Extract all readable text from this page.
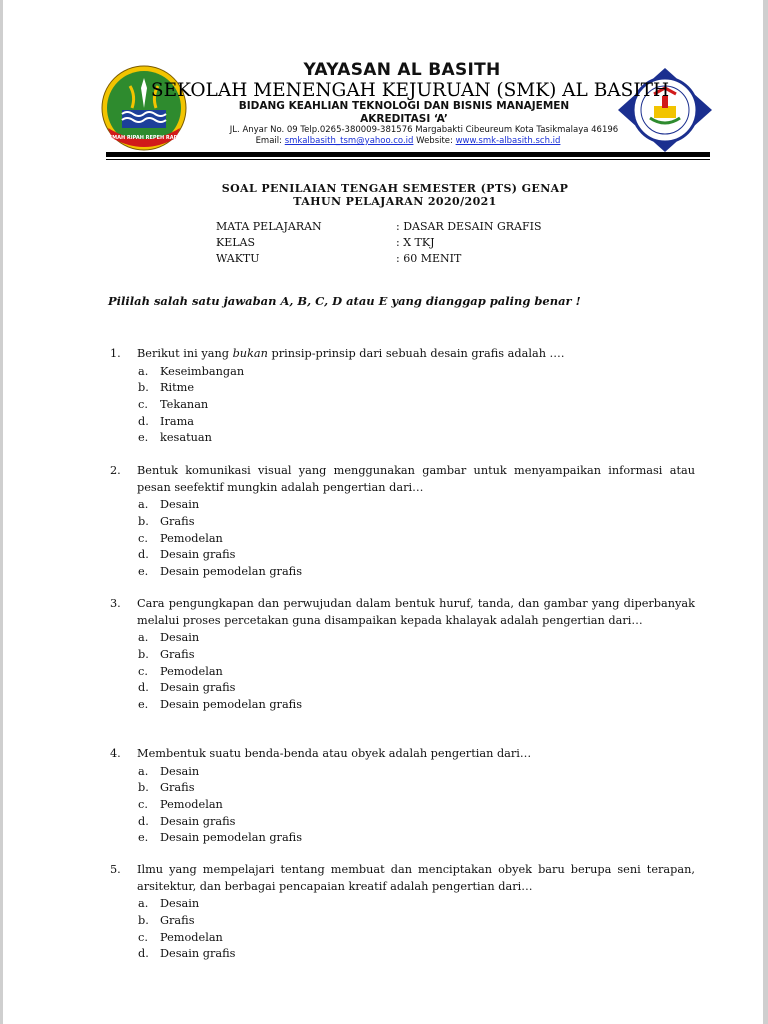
GEMAH RIPAH REPEH RAPIH
YAYASAN AL BASITH
SEKOLAH MENENGAH KEJURUAN (SMK) AL BASITH
BIDANG KEAHLIAN TEKNOLOGI DAN BISNIS MANAJEMEN
AKREDITASI ‘A’
JL. Anyar No. 09 Telp.0265-380009-381576 Margabakti Cibeureum Kota Tasikmalaya 46196
Email: smkalbasith_tsm@yahoo.co.id Website: www.smk-albasith.sch.id
SOAL PENILAIAN TENGAH SEMESTER (PTS) GENAP
TAHUN PELAJARAN 2020/2021
MATA PELAJARAN	: DASAR DESAIN GRAFIS
KELAS	: X TKJ
WAKTU	: 60 MENIT
Pililah salah satu jawaban A, B, C, D atau E yang dianggap paling benar !
1.	Berikut ini yang bukan prinsip-prinsip dari sebuah desain grafis adalah ….
a.	Keseimbangan
b. Ritme
c.	Tekanan
d. Irama
e.	kesatuan
2.	Bentuk komunikasi visual yang menggunakan gambar untuk menyampaikan informasi atau pesan seefektif mungkin adalah pengertian dari…
a.	Desain
b. Grafis
c.	Pemodelan
d. Desain grafis
e.	Desain pemodelan grafis
3.	Cara pengungkapan dan perwujudan dalam bentuk huruf, tanda, dan gambar yang diperbanyak melalui proses percetakan guna disampaikan kepada khalayak adalah pengertian dari…
a.	Desain
b. Grafis
c.	Pemodelan
d. Desain grafis
e.	Desain pemodelan grafis
4.	Membentuk suatu benda-benda atau obyek adalah pengertian dari…
a.	Desain
b. Grafis
c.	Pemodelan
d. Desain grafis
e.	Desain pemodelan grafis
5.	Ilmu yang mempelajari tentang membuat dan menciptakan obyek baru berupa seni terapan, arsitektur, dan berbagai pencapaian kreatif adalah pengertian dari…
a.	Desain
b. Grafis
c.	Pemodelan
d. Desain grafis
